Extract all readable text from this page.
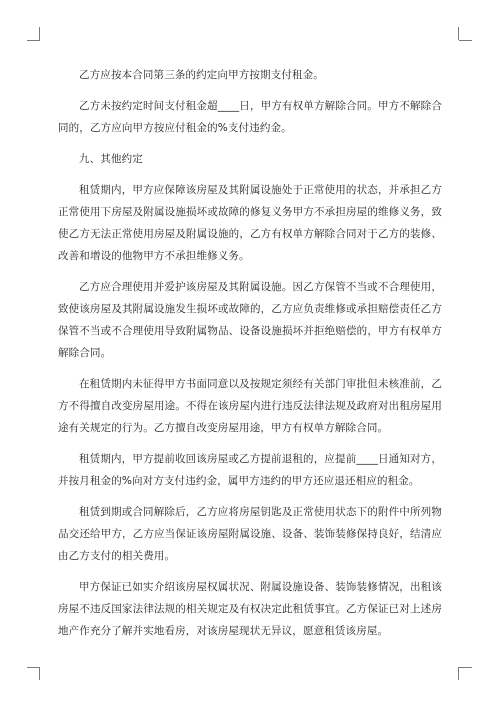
乙方应按本合同第三条的约定向甲方按期支付租金。

乙方未按约定时间支付租金超____日，甲方有权单方解除合同。甲方不解除合同的，乙方应向甲方按应付租金的%支付违约金。

九、其他约定

租赁期内，甲方应保障该房屋及其附属设施处于正常使用的状态，并承担乙方正常使用下房屋及附属设施损坏或故障的修复义务甲方不承担房屋的维修义务，致使乙方无法正常使用房屋及附属设施的，乙方有权单方解除合同对于乙方的装修、改善和增设的他物甲方不承担维修义务。

乙方应合理使用并爱护该房屋及其附属设施。因乙方保管不当或不合理使用，致使该房屋及其附属设施发生损坏或故障的，乙方应负责维修或承担赔偿责任乙方保管不当或不合理使用导致附属物品、设备设施损坏并拒绝赔偿的，甲方有权单方解除合同。

在租赁期内未征得甲方书面同意以及按规定须经有关部门审批但未核准前，乙方不得擅自改变房屋用途。不得在该房屋内进行违反法律法规及政府对出租房屋用途有关规定的行为。乙方擅自改变房屋用途，甲方有权单方解除合同。

租赁期内，甲方提前收回该房屋或乙方提前退租的，应提前____日通知对方，并按月租金的%向对方支付违约金，属甲方违约的甲方还应退还相应的租金。

租赁到期或合同解除后，乙方应将房屋钥匙及正常使用状态下的附件中所列物品交还给甲方，乙方应当保证该房屋附属设施、设备、装饰装修保持良好，结清应由乙方支付的相关费用。

甲方保证已如实介绍该房屋权属状况、附属设施设备、装饰装修情况，出租该房屋不违反国家法律法规的相关规定及有权决定此租赁事宜。乙方保证已对上述房地产作充分了解并实地看房，对该房屋现状无异议，愿意租赁该房屋。
